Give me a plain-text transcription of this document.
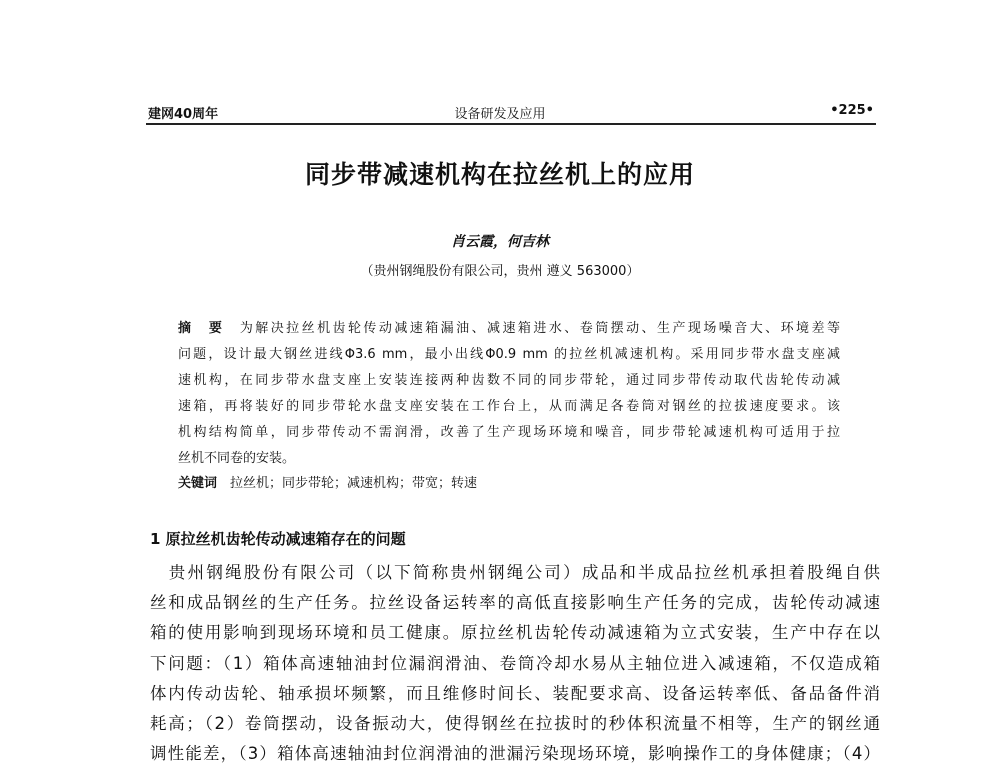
建网40周年	设备研发及应用	•225•
同步带减速机构在拉丝机上的应用
肖云霞，何吉林
（贵州钢绳股份有限公司，贵州 遵义 563000）
摘　要　 为解决拉丝机齿轮传动减速箱漏油、减速箱进水、卷筒摆动、生产现场噪音大、环境差等
问题，设计最大钢丝进线Φ3.6 mm，最小出线Φ0.9 mm 的拉丝机减速机构。采用同步带水盘支座减
速机构，在同步带水盘支座上安装连接两种齿数不同的同步带轮，通过同步带传动取代齿轮传动减
速箱，再将装好的同步带轮水盘支座安装在工作台上，从而满足各卷筒对钢丝的拉拔速度要求。该
机构结构简单，同步带传动不需润滑，改善了生产现场环境和噪音，同步带轮减速机构可适用于拉
丝机不同卷的安装。
关键词　 拉丝机；同步带轮；减速机构；带宽；转速
1 原拉丝机齿轮传动减速箱存在的问题
　贵州钢绳股份有限公司（以下简称贵州钢绳公司）成品和半成品拉丝机承担着股绳自供
丝和成品钢丝的生产任务。拉丝设备运转率的高低直接影响生产任务的完成，齿轮传动减速
箱的使用影响到现场环境和员工健康。原拉丝机齿轮传动减速箱为立式安装，生产中存在以
下问题：（1）箱体高速轴油封位漏润滑油、卷筒冷却水易从主轴位进入减速箱，不仅造成箱
体内传动齿轮、轴承损坏频繁，而且维修时间长、装配要求高、设备运转率低、备品备件消
耗高；（2）卷筒摆动，设备振动大，使得钢丝在拉拔时的秒体积流量不相等，生产的钢丝通
调性能差，（3）箱体高速轴油封位润滑油的泄漏污染现场环境，影响操作工的身体健康；（4）
